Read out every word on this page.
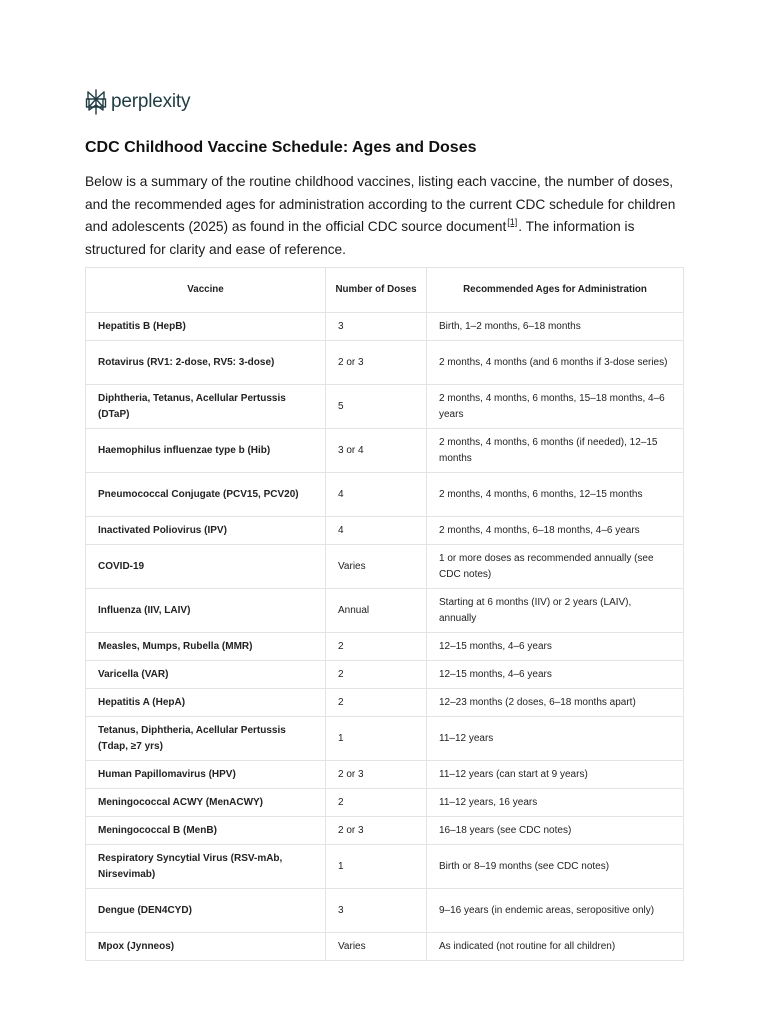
perplexity
CDC Childhood Vaccine Schedule: Ages and Doses

Below is a summary of the routine childhood vaccines, listing each vaccine, the number of doses, and the recommended ages for administration according to the current CDC schedule for children and adolescents (2025) as found in the official CDC source document[1]. The information is structured for clarity and ease of reference.

Vaccine	Number of Doses	Recommended Ages for Administration
Hepatitis B (HepB)	3	Birth, 1–2 months, 6–18 months
Rotavirus (RV1: 2-dose, RV5: 3-dose)	2 or 3	2 months, 4 months (and 6 months if 3-dose series)
Diphtheria, Tetanus, Acellular Pertussis (DTaP)	5	2 months, 4 months, 6 months, 15–18 months, 4–6 years
Haemophilus influenzae type b (Hib)	3 or 4	2 months, 4 months, 6 months (if needed), 12–15 months
Pneumococcal Conjugate (PCV15, PCV20)	4	2 months, 4 months, 6 months, 12–15 months
Inactivated Poliovirus (IPV)	4	2 months, 4 months, 6–18 months, 4–6 years
COVID-19	Varies	1 or more doses as recommended annually (see CDC notes)
Influenza (IIV, LAIV)	Annual	Starting at 6 months (IIV) or 2 years (LAIV), annually
Measles, Mumps, Rubella (MMR)	2	12–15 months, 4–6 years
Varicella (VAR)	2	12–15 months, 4–6 years
Hepatitis A (HepA)	2	12–23 months (2 doses, 6–18 months apart)
Tetanus, Diphtheria, Acellular Pertussis (Tdap, ≥7 yrs)	1	11–12 years
Human Papillomavirus (HPV)	2 or 3	11–12 years (can start at 9 years)
Meningococcal ACWY (MenACWY)	2	11–12 years, 16 years
Meningococcal B (MenB)	2 or 3	16–18 years (see CDC notes)
Respiratory Syncytial Virus (RSV-mAb, Nirsevimab)	1	Birth or 8–19 months (see CDC notes)
Dengue (DEN4CYD)	3	9–16 years (in endemic areas, seropositive only)
Mpox (Jynneos)	Varies	As indicated (not routine for all children)
